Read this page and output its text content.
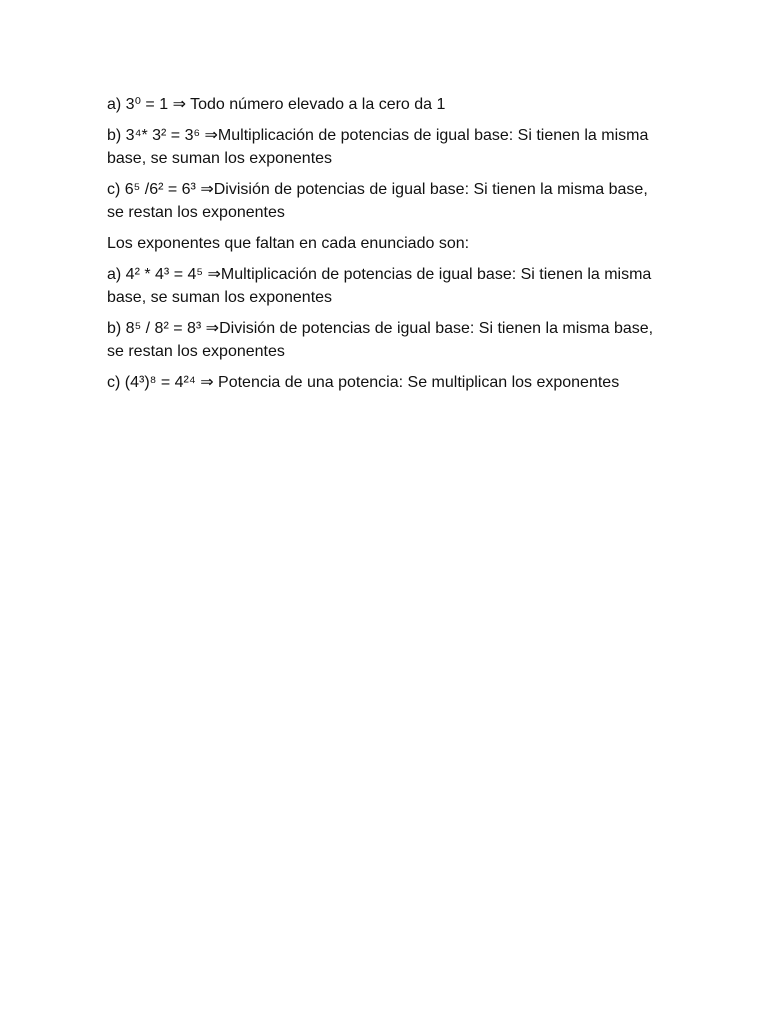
a) 3⁰ = 1 ⇒ Todo número elevado a la cero da 1

b) 3⁴* 3² = 3⁶ ⇒Multiplicación de potencias de igual base: Si tienen la misma base, se suman los exponentes

c) 6⁵ /6² = 6³ ⇒División de potencias de igual base: Si tienen la misma base, se restan los exponentes

Los exponentes que faltan en cada enunciado son:

a) 4² * 4³ = 4⁵ ⇒Multiplicación de potencias de igual base: Si tienen la misma base, se suman los exponentes

b) 8⁵ / 8² = 8³ ⇒División de potencias de igual base: Si tienen la misma base, se restan los exponentes

c) (4³)⁸ = 4²⁴ ⇒ Potencia de una potencia: Se multiplican los exponentes
